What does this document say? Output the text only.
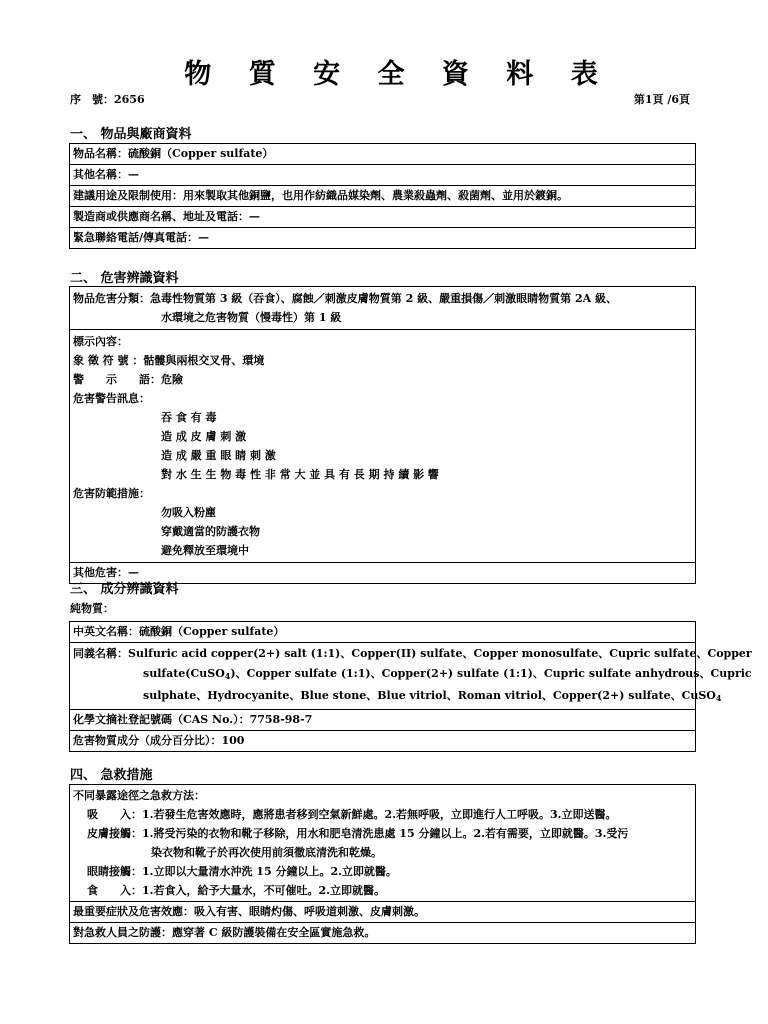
物 質 安 全 資 料 表
序　號：2656	第1頁 /6頁
一、 物品與廠商資料
物品名稱：硫酸銅（Copper sulfate）
其他名稱：—
建議用途及限制使用：用來製取其他銅鹽，也用作紡織品媒染劑、農業殺蟲劑、殺菌劑、並用於鍍銅。
製造商或供應商名稱、地址及電話：—
緊急聯絡電話/傳真電話：—
二、 危害辨識資料
物品危害分類：急毒性物質第 3 級（吞食）、腐蝕／刺激皮膚物質第 2 級、嚴重損傷／刺激眼睛物質第 2A 級、
水環境之危害物質（慢毒性）第 1 級
標示內容：
象 徵 符 號 ：骷髏與兩根交叉骨、環境
警　　示　　語：危險
危害警告訊息：
吞 食 有 毒
造 成 皮 膚 刺 激
造 成 嚴 重 眼 睛 刺 激
對 水 生 生 物 毒 性 非 常 大 並 具 有 長 期 持 續 影 響
危害防範措施：
勿吸入粉塵
穿戴適當的防護衣物
避免釋放至環境中
其他危害：—
三、 成分辨識資料
純物質：
中英文名稱：硫酸銅（Copper sulfate）
同義名稱：Sulfuric acid copper(2+) salt (1:1)、Copper(II) sulfate、Copper monosulfate、Cupric sulfate、Copper
sulfate(CuSO$_4$)、Copper sulfate (1:1)、Copper(2+) sulfate (1:1)、Cupric sulfate anhydrous、Cupric
sulphate、Hydrocyanite、Blue stone、Blue vitriol、Roman vitriol、Copper(2+) sulfate、CuSO$_4$
化學文摘社登記號碼（CAS No.）：7758-98-7
危害物質成分（成分百分比）：100
四、 急救措施
不同暴露途徑之急救方法：
吸　　入：1.若發生危害效應時，應將患者移到空氣新鮮處。2.若無呼吸，立即進行人工呼吸。3.立即送醫。
皮膚接觸：1.將受污染的衣物和靴子移除，用水和肥皂清洗患處 15 分鐘以上。2.若有需要，立即就醫。3.受污
染衣物和靴子於再次使用前須徹底清洗和乾燥。
眼睛接觸：1.立即以大量清水沖洗 15 分鐘以上。2.立即就醫。
食　　入：1.若食入，給予大量水，不可催吐。2.立即就醫。
最重要症狀及危害效應：吸入有害、眼睛灼傷、呼吸道刺激、皮膚刺激。
對急救人員之防護：應穿著 C 級防護裝備在安全區實施急救。
